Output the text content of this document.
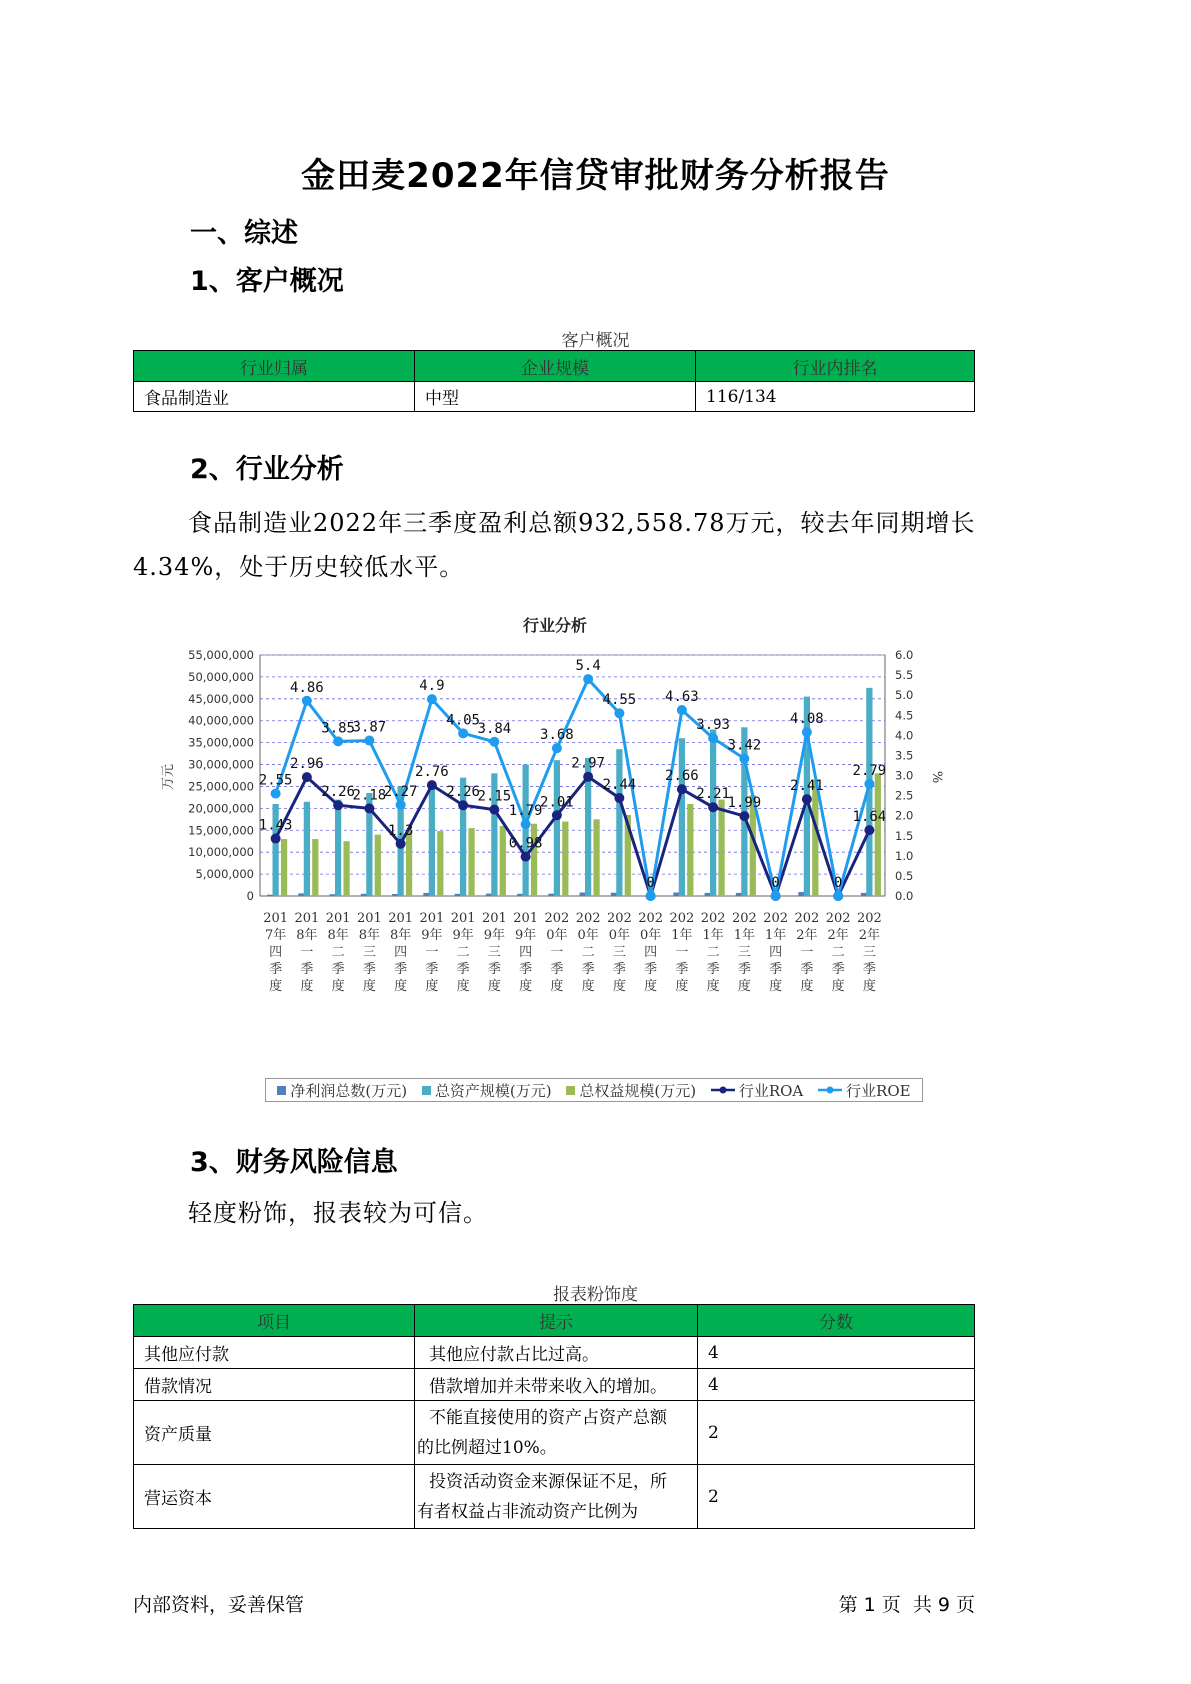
金田麦2022年信贷审批财务分析报告
一、综述
1、客户概况
客户概况
行业归属	企业规模	行业内排名
食品制造业	中型	116/134
2、行业分析
食品制造业2022年三季度盈利总额932,558.78万元，较去年同期增长
4.34%，处于历史较低水平。
行业分析
万元	%
0
5,000,000
10,000,000
15,000,000
20,000,000
25,000,000
30,000,000
35,000,000
40,000,000
45,000,000
50,000,000
55,000,000
0.0
0.5
1.0
1.5
2.0
2.5
3.0
3.5
4.0
4.5
5.0
5.5
6.0
201
7年
四
季
度
201
8年
一
季
度
201
8年
二
季
度
201
8年
三
季
度
201
8年
四
季
度
201
9年
一
季
度
201
9年
二
季
度
201
9年
三
季
度
201
9年
四
季
度
202
0年
一
季
度
202
0年
二
季
度
202
0年
三
季
度
202
0年
四
季
度
202
1年
一
季
度
202
1年
二
季
度
202
1年
三
季
度
202
1年
四
季
度
202
2年
一
季
度
202
2年
二
季
度
202
2年
三
季
度
1.43
2.96
2.26
2.18
1.3
2.76
2.26
2.15
0.98
2.01
2.97
2.44
2.66
2.21
1.99
2.41
1.64
2.55
4.86
3.85
3.87
2.27
4.9
4.05
3.84
1.79
3.68
5.4
4.55
0
4.63
3.93
3.42
0
4.08
0
2.79
净利润总数(万元) 总资产规模(万元) 总权益规模(万元)	行业ROA	行业ROE
3、财务风险信息
轻度粉饰，报表较为可信。
报表粉饰度
项目	提示	分数
其他应付款	其他应付款占比过高。	4
借款情况	借款增加并未带来收入的增加。	4
资产质量	不能直接使用的资产占资产总额
的比例超过10%。	2
营运资本	投资活动资金来源保证不足，所
有者权益占非流动资产比例为	2
内部资料，妥善保管	第 1 页  共 9 页
